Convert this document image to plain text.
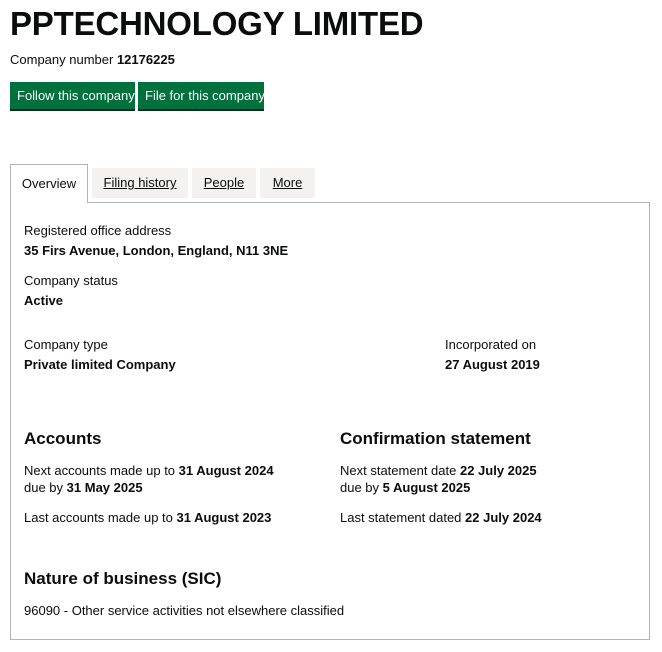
PPTECHNOLOGY LIMITED
Company number 12176225
Follow this company File for this company
Overview	Filing history	People	More
Registered office address
35 Firs Avenue, London, England, N11 3NE
Company status
Active
Company type
Private limited Company
Incorporated on
27 August 2019
Accounts
Next accounts made up to 31 August 2024
due by 31 May 2025
Last accounts made up to 31 August 2023
Confirmation statement
Next statement date 22 July 2025
due by 5 August 2025
Last statement dated 22 July 2024
Nature of business (SIC)
96090 - Other service activities not elsewhere classified
